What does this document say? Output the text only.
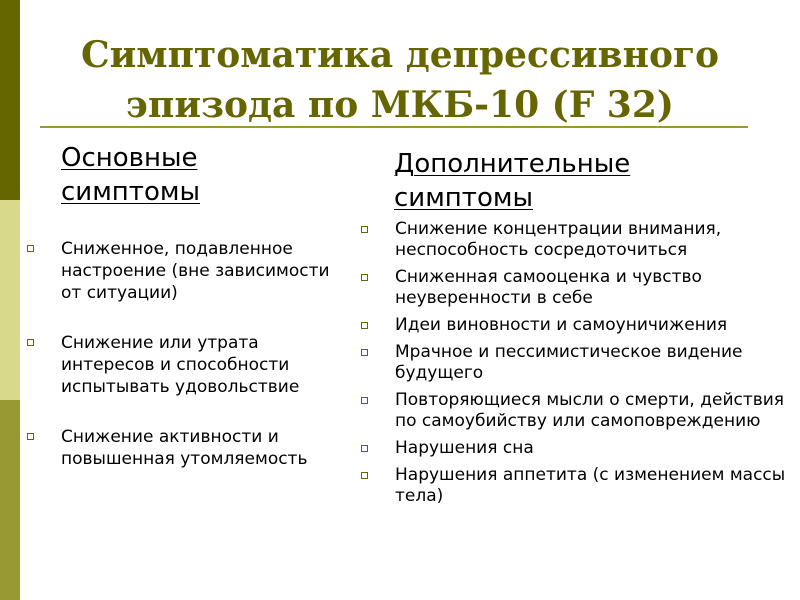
Симптоматика депрессивного
эпизода по МКБ-10 (F 32)
Основные
симптомы
Сниженное, подавленное настроение (вне зависимости от ситуации)
Снижение или утрата интересов и способности испытывать удовольствие
Снижение активности и повышенная утомляемость
Дополнительные
симптомы
Снижение концентрации внимания, неспособность сосредоточиться
Сниженная самооценка и чувство неуверенности в себе
Идеи виновности и самоуничижения
Мрачное и пессимистическое видение будущего
Повторяющиеся мысли о смерти, действия по самоубийству или самоповреждению
Нарушения сна
Нарушения аппетита (с изменением массы тела)
